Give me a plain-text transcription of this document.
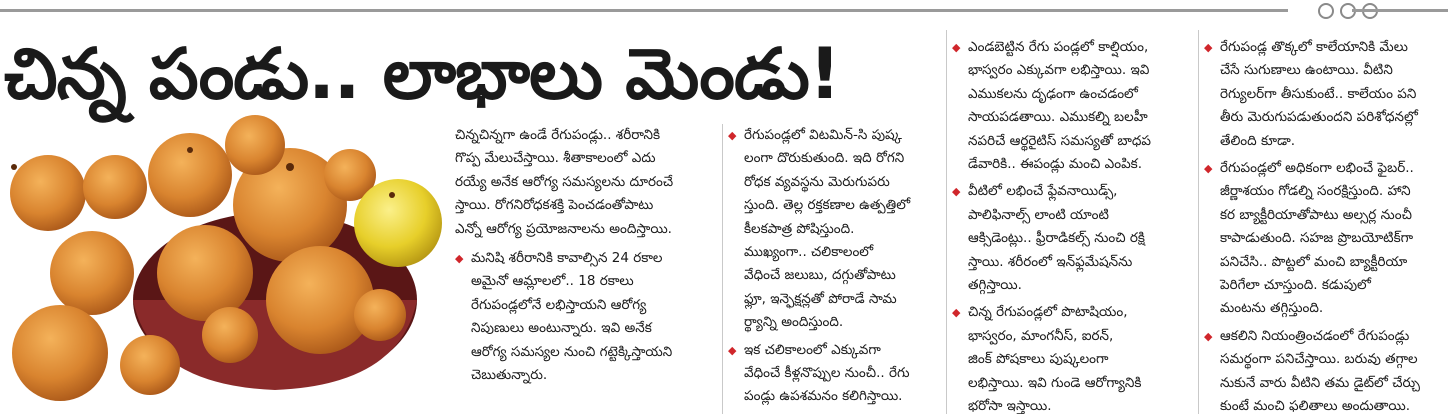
చిన్న పండు.. లాభాలు మెండు!

చిన్నచిన్నగా ఉండే రేగుపండ్లు.. శరీరానికి
గొప్ప మేలుచేస్తాయి. శీతాకాలంలో ఎదు
రయ్యే అనేక ఆరోగ్య సమస్యలను దూరంచే
స్తాయి. రోగనిరోధకశక్తి పెంచడంతోపాటు
ఎన్నో ఆరోగ్య ప్రయోజనాలను అందిస్తాయి.

◆ మనిషి శరీరానికి కావాల్సిన 24 రకాల
అమైనో ఆమ్లాలలో.. 18 రకాలు
రేగుపండ్లలోనే లభిస్తాయని ఆరోగ్య
నిపుణులు అంటున్నారు. ఇవి అనేక
ఆరోగ్య సమస్యల నుంచి గట్టెక్కిస్తాయని
చెబుతున్నారు.
◆ రేగుపండ్లలో విటమిన్‌-సి పుష్క
లంగా దొరుకుతుంది. ఇది రోగని
రోధక వ్యవస్థను మెరుగుపరు
స్తుంది. తెల్ల రక్తకణాల ఉత్పత్తిలో
కీలకపాత్ర పోషిస్తుంది.
ముఖ్యంగా.. చలికాలంలో
వేధించే జలుబు, దగ్గుతోపాటు
ఫ్లూ, ఇన్ఫెక్షన్లతో పోరాడే సామ
ర్థ్యాన్ని అందిస్తుంది.
◆ ఇక చలికాలంలో ఎక్కువగా
వేధించే కీళ్లనొప్పుల నుంచీ.. రేగు
పండ్లు ఉపశమనం కలిగిస్తాయి.
◆ ఎండబెట్టిన రేగు పండ్లలో కాల్షియం,
భాస్వరం ఎక్కువగా లభిస్తాయి. ఇవి
ఎముకలను దృఢంగా ఉంచడంలో
సాయపడతాయి. ఎముకల్ని బలహీ
నపరిచే ఆర్థరైటిస్‌ సమస్యతో బాధప
డేవారికి.. ఈపండ్లు మంచి ఎంపిక.
◆ వీటిలో లభించే ఫ్లేవనాయిడ్స్‌,
పాలిఫినాల్స్‌ లాంటి యాంటి
ఆక్సిడెంట్లు.. ఫ్రీరాడికల్స్‌ నుంచి రక్షి
స్తాయి. శరీరంలో ఇన్‌ఫ్లమేషన్‌ను
తగ్గిస్తాయి.
◆ చిన్న రేగుపండ్లలో పొటాషియం,
భాస్వరం, మాంగనీస్‌, ఐరన్‌,
జింక్‌ పోషకాలు పుష్కలంగా
లభిస్తాయి. ఇవి గుండె ఆరోగ్యానికి
భరోసా ఇస్తాయి.
◆ రేగుపండ్ల తొక్కలో కాలేయానికి మేలు
చేసే సుగుణాలు ఉంటాయి. వీటిని
రెగ్యులర్‌గా తీసుకుంటే.. కాలేయం పని
తీరు మెరుగుపడుతుందని పరిశోధనల్లో
తేలింది కూడా.
◆ రేగుపండ్లలో అధికంగా లభించే ఫైబర్‌..
జీర్ణాశయం గోడల్ని సంరక్షిస్తుంది. హాని
కర బ్యాక్టీరియాతోపాటు అల్సర్ల నుంచీ
కాపాడుతుంది. సహజ ప్రొబయోటిక్‌గా
పనిచేసి.. పొట్టలో మంచి బ్యాక్టీరియా
పెరిగేలా చూస్తుంది. కడుపులో
మంటను తగ్గిస్తుంది.
◆ ఆకలిని నియంత్రించడంలో రేగుపండ్లు
సమర్థంగా పనిచేస్తాయి. బరువు తగ్గాల
నుకునే వారు వీటిని తమ డైట్‌లో చేర్చు
కుంటే మంచి ఫలితాలు అందుతాయి.
